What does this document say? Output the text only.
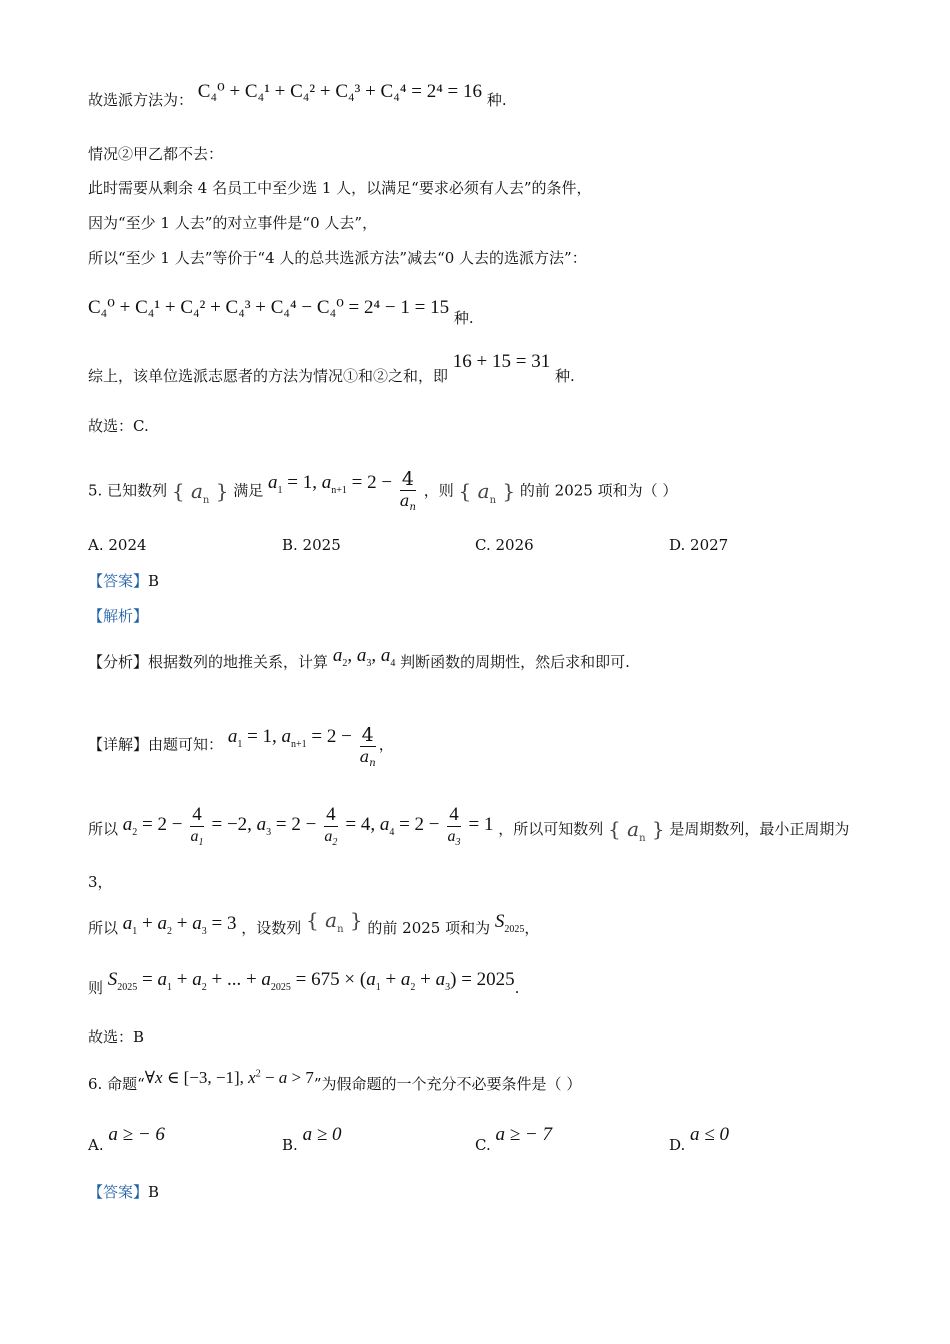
故选派方法为： C₄⁰ + C₄¹ + C₄² + C₄³ + C₄⁴ = 2⁴ = 16 种.
情况②甲乙都不去：
此时需要从剩余 4 名员工中至少选 1 人，以满足“要求必须有人去”的条件，
因为“至少 1 人去”的对立事件是“0 人去”，
所以“至少 1 人去”等价于“4 人的总共选派方法”减去“0 人去的选派方法”：
C₄⁰ + C₄¹ + C₄² + C₄³ + C₄⁴ − C₄⁰ = 2⁴ − 1 = 15 种.
综上，该单位选派志愿者的方法为情况①和②之和，即 16 + 15 = 31 种.
故选：C.
5. 已知数列 { $a_n$ } 满足 $a_1 = 1$, $a_{n+1} = 2 - \frac{4}{a_n}$ ，则 { $a_n$ } 的前 2025 项和为（ ）
A. 2024	B. 2025	C. 2026	D. 2027
【答案】B
【解析】
【分析】根据数列的地推关系，计算 $a_2$, $a_3$, $a_4$ 判断函数的周期性，然后求和即可.
【详解】由题可知： $a_1 = 1$, $a_{n+1} = 2 - \frac{4}{a_n}$ ，
所以 $a_2 = 2 - \frac{4}{a_1} = -2$, $a_3 = 2 - \frac{4}{a_2} = 4$, $a_4 = 2 - \frac{4}{a_3} = 1$ ，所以可知数列 { $a_n$ } 是周期数列，最小正周期为
3，
所以 $a_1 + a_2 + a_3 = 3$ ，设数列 { $a_n$ } 的前 2025 项和为 $S_{2025}$，
则 $S_{2025} = a_1 + a_2$ + ... + $a_{2025} = 675 \times (a_1 + a_2 + a_3) = 2025$.
故选：B
6. 命题“∀x ∈ [−3, −1], $x^2 - a > 7$”为假命题的一个充分不必要条件是（ ）
A. a ≥ − 6	B. a ≥ 0	C. a ≥ − 7	D. a ≤ 0
【答案】B
